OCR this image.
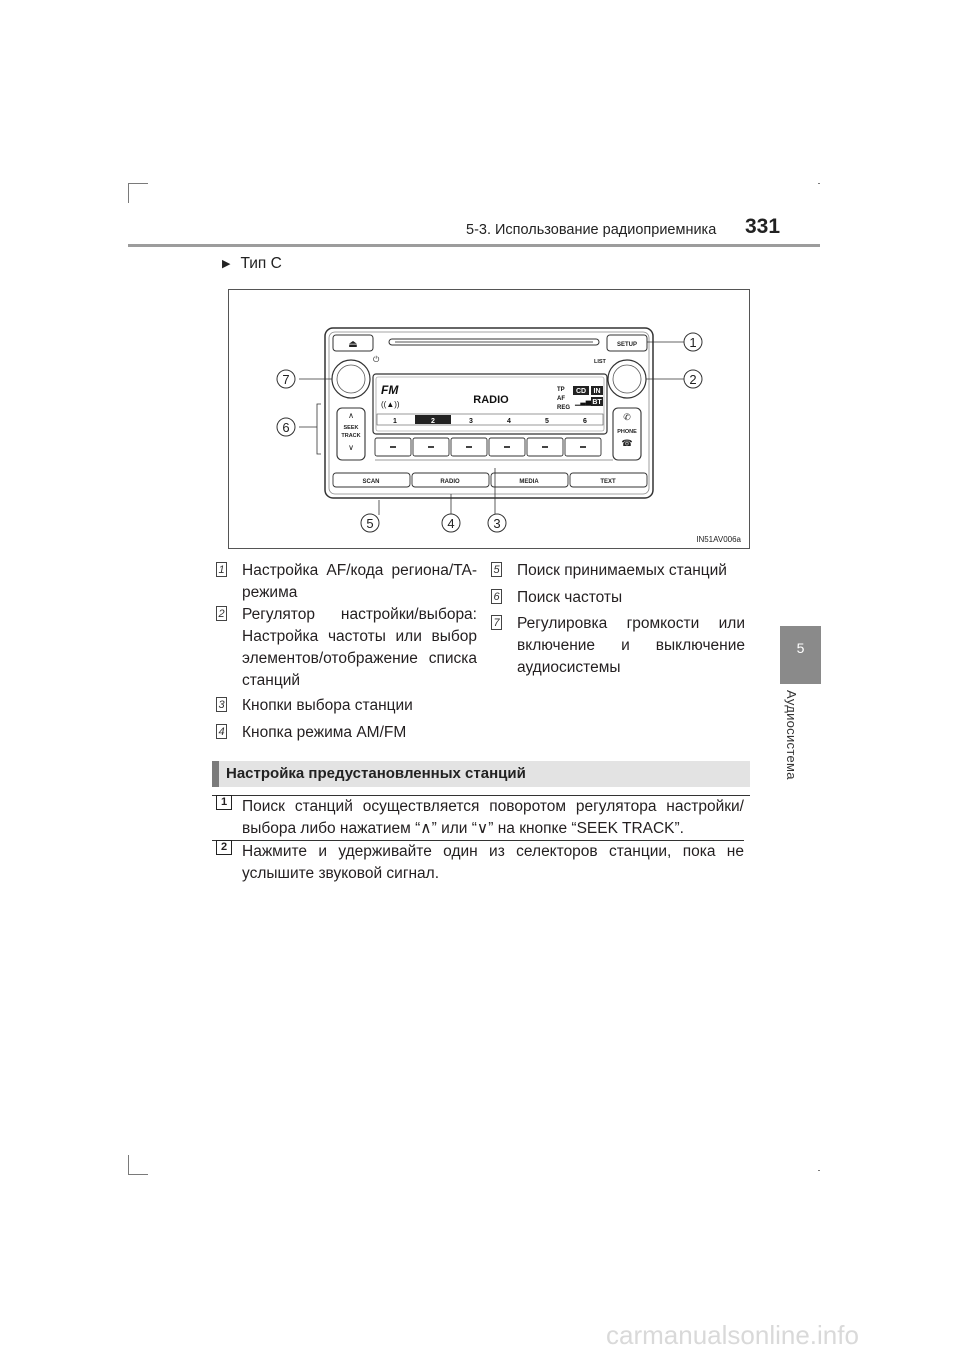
5-3. Использование радиоприемника 331
5
Аудиосистема
▶ Тип C
⏏	SETUP
⏻	LIST
FM
((▲))	RADIO
TP
AF
REG
CD IN
BT
▁▃▅
1	2	3	4	5	6
∧
SEEK
TRACK
∨
✆
PHONE
☎
SCAN	RADIO	MEDIA	TEXT
1
2
3
4
5
6
7
IN51AV006a
1 Настройка AF/кода региона/TA-режима
2 Регулятор настройки/выбора: Настройка частоты или выбор элементов/отображение списка станций
3 Кнопки выбора станции
4 Кнопка режима AM/FM
5 Поиск принимаемых станций
6 Поиск частоты
7 Регулировка громкости или включение и выключение аудиосистемы
Настройка предустановленных станций
1 Поиск станций осуществляется поворотом регулятора настройки/выбора либо нажатием “∧” или “∨” на кнопке “SEEK TRACK”.
2 Нажмите и удерживайте один из селекторов станции, пока не услышите звуковой сигнал.
carmanualsonline.info
